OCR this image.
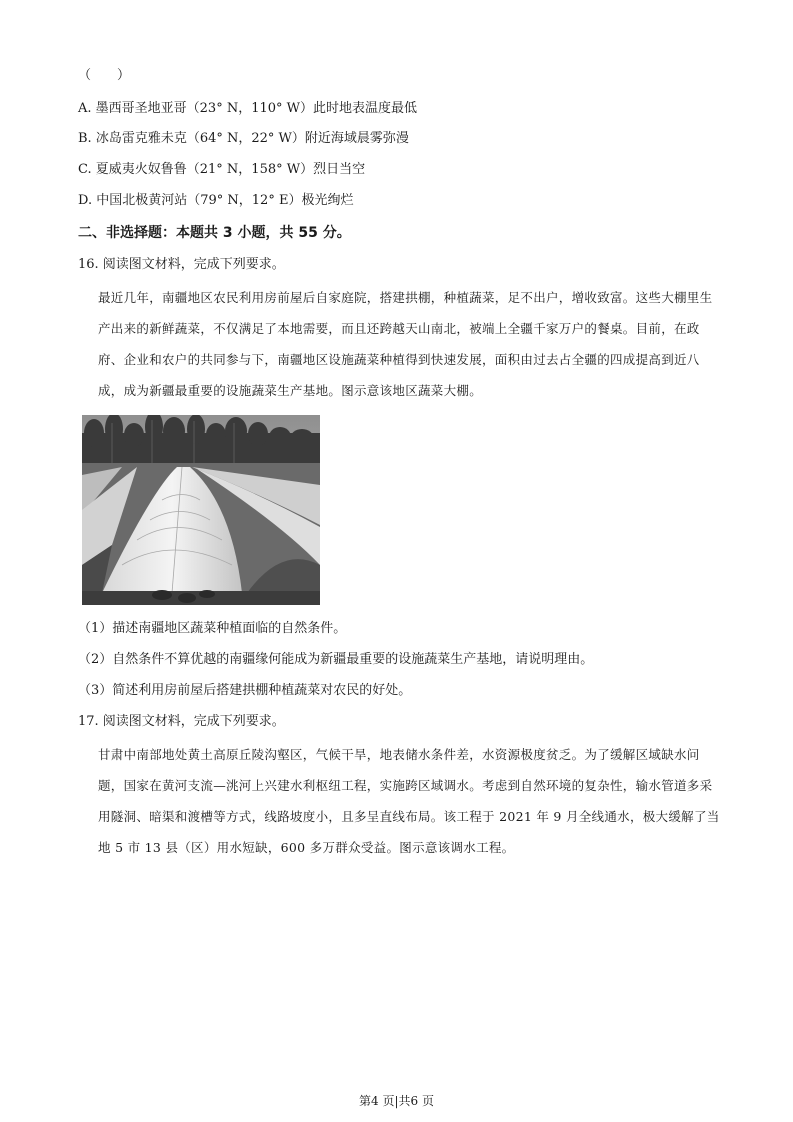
（　　）
A. 墨西哥圣地亚哥（23° N，110° W）此时地表温度最低
B. 冰岛雷克雅未克（64° N，22° W）附近海域晨雾弥漫
C. 夏威夷火奴鲁鲁（21° N，158° W）烈日当空
D. 中国北极黄河站（79° N，12° E）极光绚烂
二、非选择题：本题共 3 小题，共 55 分。
16. 阅读图文材料，完成下列要求。
最近几年，南疆地区农民利用房前屋后自家庭院，搭建拱棚，种植蔬菜，足不出户，增收致富。这些大棚里生产出来的新鲜蔬菜，不仅满足了本地需要，而且还跨越天山南北，被端上全疆千家万户的餐桌。目前，在政府、企业和农户的共同参与下，南疆地区设施蔬菜种植得到快速发展，面积由过去占全疆的四成提高到近八成，成为新疆最重要的设施蔬菜生产基地。图示意该地区蔬菜大棚。
（1）描述南疆地区蔬菜种植面临的自然条件。
（2）自然条件不算优越的南疆缘何能成为新疆最重要的设施蔬菜生产基地，请说明理由。
（3）简述利用房前屋后搭建拱棚种植蔬菜对农民的好处。
17. 阅读图文材料，完成下列要求。
甘肃中南部地处黄土高原丘陵沟壑区，气候干旱，地表储水条件差，水资源极度贫乏。为了缓解区域缺水问题，国家在黄河支流—洮河上兴建水利枢纽工程，实施跨区域调水。考虑到自然环境的复杂性，输水管道多采用隧洞、暗渠和渡槽等方式，线路坡度小，且多呈直线布局。该工程于 2021 年 9 月全线通水，极大缓解了当地 5 市 13 县（区）用水短缺，600 多万群众受益。图示意该调水工程。
第4 页|共6 页
